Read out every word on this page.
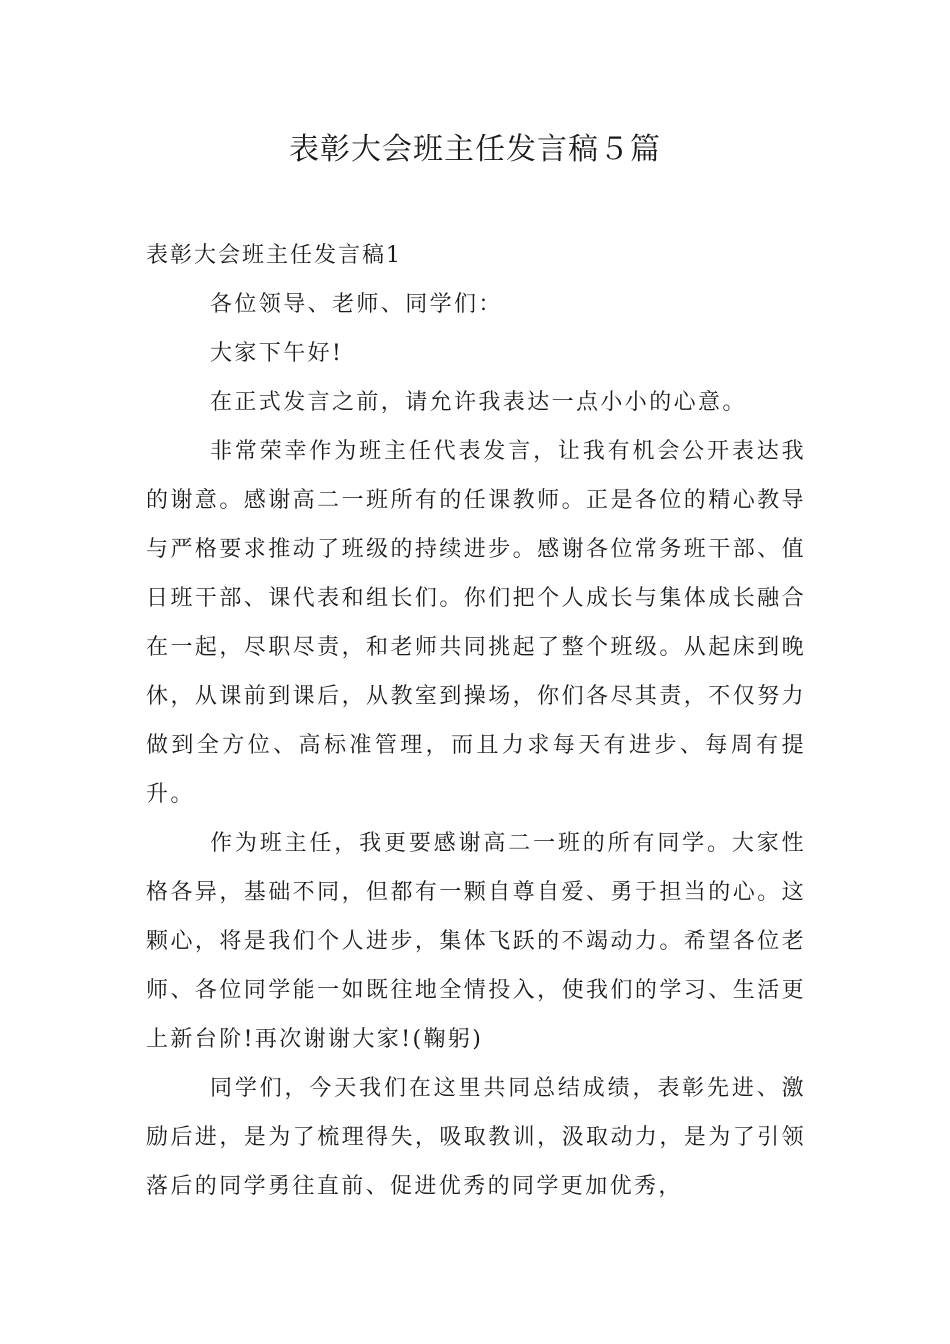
表彰大会班主任发言稿５篇
表彰大会班主任发言稿1

各位领导、老师、同学们：

大家下午好!

在正式发言之前，请允许我表达一点小小的心意。

非常荣幸作为班主任代表发言，让我有机会公开表达我的谢意。感谢高二一班所有的任课教师。正是各位的精心教导与严格要求推动了班级的持续进步。感谢各位常务班干部、值日班干部、课代表和组长们。你们把个人成长与集体成长融合在一起，尽职尽责，和老师共同挑起了整个班级。从起床到晚休，从课前到课后，从教室到操场，你们各尽其责，不仅努力做到全方位、高标准管理，而且力求每天有进步、每周有提升。

作为班主任，我更要感谢高二一班的所有同学。大家性格各异，基础不同，但都有一颗自尊自爱、勇于担当的心。这颗心，将是我们个人进步，集体飞跃的不竭动力。希望各位老师、各位同学能一如既往地全情投入，使我们的学习、生活更上新台阶!再次谢谢大家!(鞠躬)

同学们，今天我们在这里共同总结成绩，表彰先进、激励后进，是为了梳理得失，吸取教训，汲取动力，是为了引领落后的同学勇往直前、促进优秀的同学更加优秀，
